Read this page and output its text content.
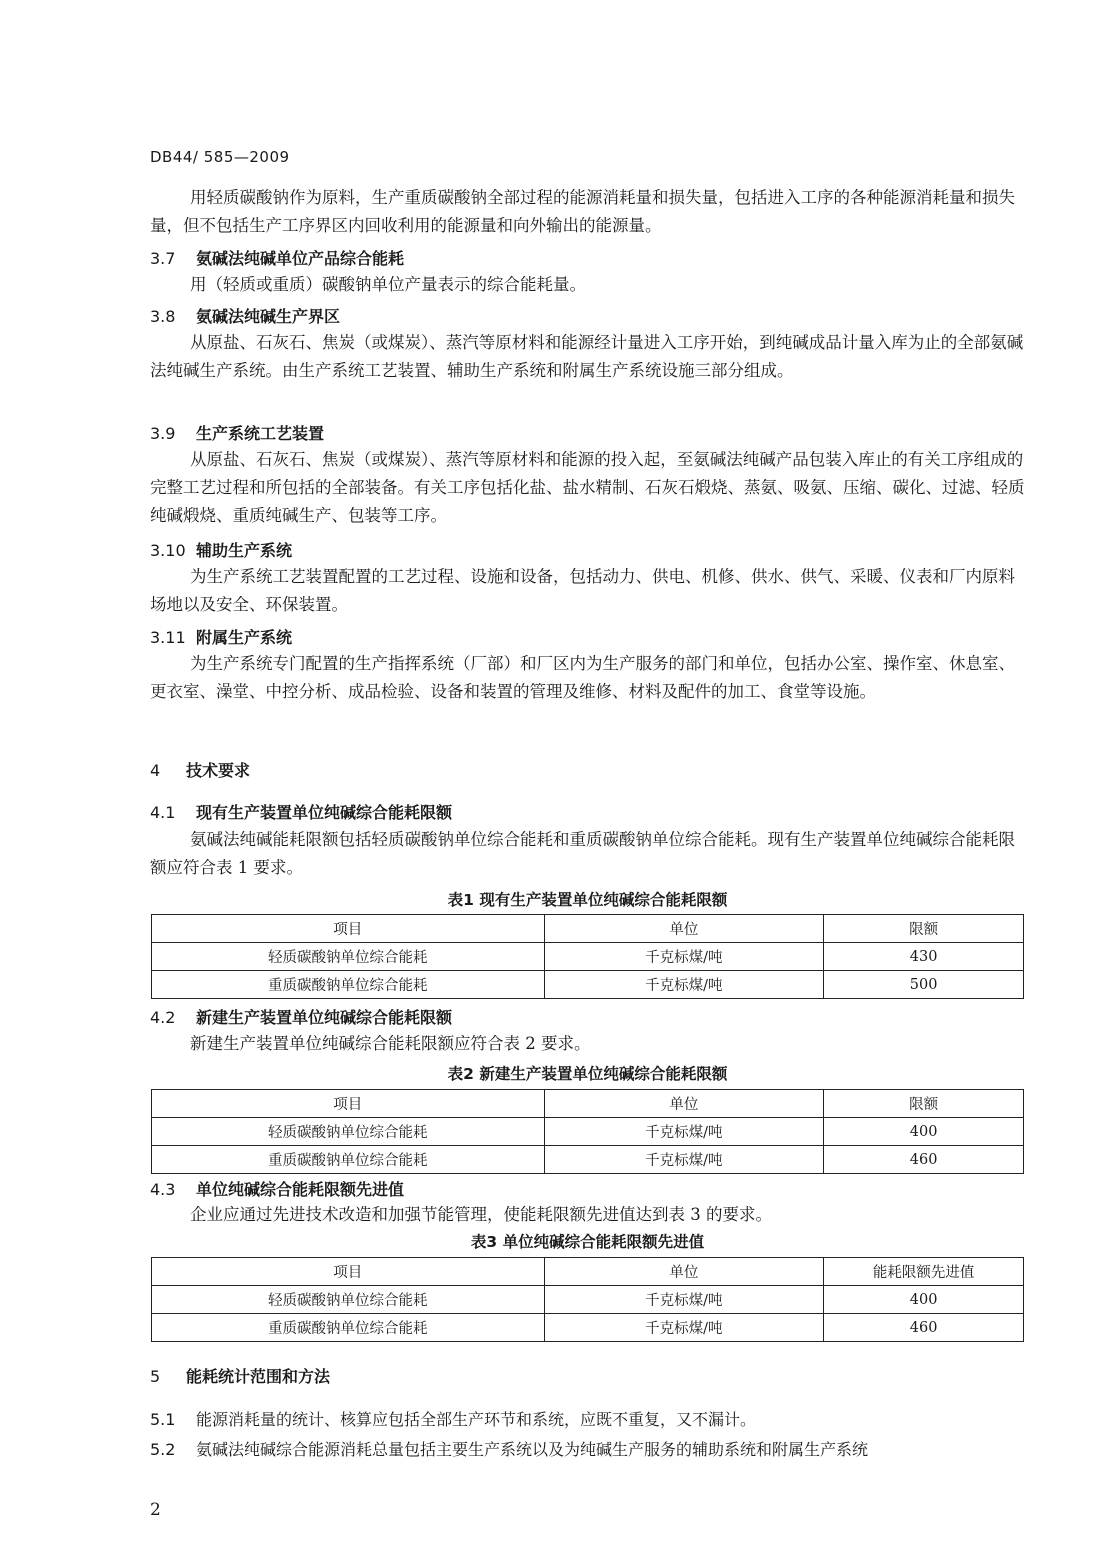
DB44/ 585—2009

用轻质碳酸钠作为原料，生产重质碳酸钠全部过程的能源消耗量和损失量，包括进入工序的各种能源消耗量和损失量，但不包括生产工序界区内回收利用的能源量和向外输出的能源量。

3.7 氨碱法纯碱单位产品综合能耗

用（轻质或重质）碳酸钠单位产量表示的综合能耗量。

3.8 氨碱法纯碱生产界区

从原盐、石灰石、焦炭（或煤炭）、蒸汽等原材料和能源经计量进入工序开始，到纯碱成品计量入库为止的全部氨碱法纯碱生产系统。由生产系统工艺装置、辅助生产系统和附属生产系统设施三部分组成。

3.9 生产系统工艺装置

从原盐、石灰石、焦炭（或煤炭）、蒸汽等原材料和能源的投入起，至氨碱法纯碱产品包装入库止的有关工序组成的完整工艺过程和所包括的全部装备。有关工序包括化盐、盐水精制、石灰石煅烧、蒸氨、吸氨、压缩、碳化、过滤、轻质纯碱煅烧、重质纯碱生产、包装等工序。

3.10 辅助生产系统

为生产系统工艺装置配置的工艺过程、设施和设备，包括动力、供电、机修、供水、供气、采暖、仪表和厂内原料场地以及安全、环保装置。

3.11 附属生产系统

为生产系统专门配置的生产指挥系统（厂部）和厂区内为生产服务的部门和单位，包括办公室、操作室、休息室、更衣室、澡堂、中控分析、成品检验、设备和装置的管理及维修、材料及配件的加工、食堂等设施。

4 技术要求
4.1 现有生产装置单位纯碱综合能耗限额

氨碱法纯碱能耗限额包括轻质碳酸钠单位综合能耗和重质碳酸钠单位综合能耗。现有生产装置单位纯碱综合能耗限额应符合表 1 要求。

表1 现有生产装置单位纯碱综合能耗限额
项目	单位	限额
轻质碳酸钠单位综合能耗	千克标煤/吨	430
重质碳酸钠单位综合能耗	千克标煤/吨	500
4.2 新建生产装置单位纯碱综合能耗限额

新建生产装置单位纯碱综合能耗限额应符合表 2 要求。

表2 新建生产装置单位纯碱综合能耗限额
项目	单位	限额
轻质碳酸钠单位综合能耗	千克标煤/吨	400
重质碳酸钠单位综合能耗	千克标煤/吨	460
4.3 单位纯碱综合能耗限额先进值

企业应通过先进技术改造和加强节能管理，使能耗限额先进值达到表 3 的要求。

表3 单位纯碱综合能耗限额先进值
项目	单位	能耗限额先进值
轻质碳酸钠单位综合能耗	千克标煤/吨	400
重质碳酸钠单位综合能耗	千克标煤/吨	460
5 能耗统计范围和方法
5.1 能源消耗量的统计、核算应包括全部生产环节和系统，应既不重复，又不漏计。
5.2 氨碱法纯碱综合能源消耗总量包括主要生产系统以及为纯碱生产服务的辅助系统和附属生产系统
2
